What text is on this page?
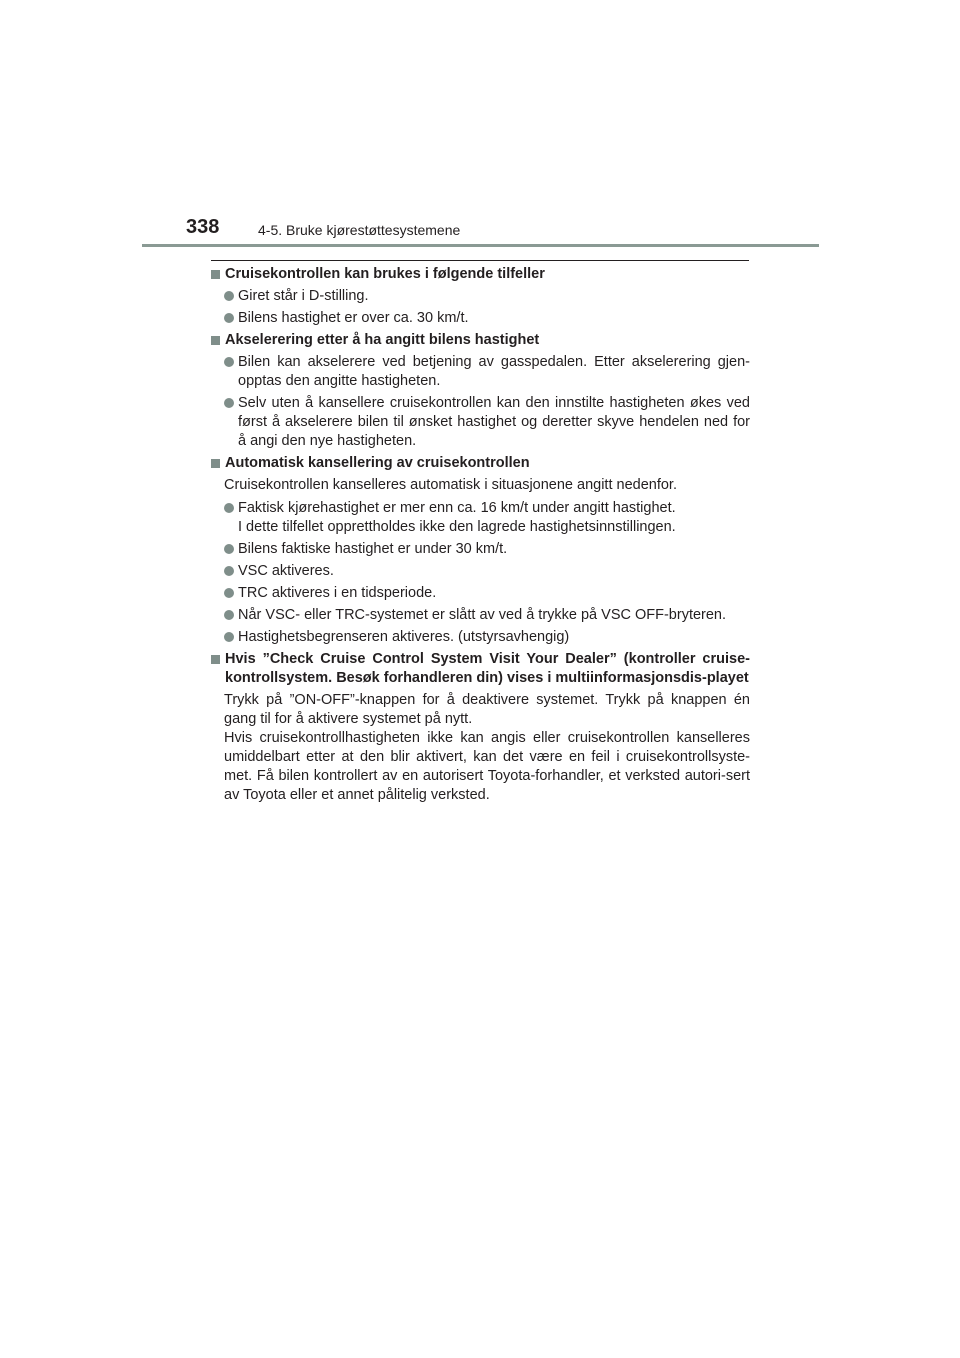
338	4-5. Bruke kjørestøttesystemene
Cruisekontrollen kan brukes i følgende tilfeller
Giret står i D-stilling.
Bilens hastighet er over ca. 30 km/t.
Akselerering etter å ha angitt bilens hastighet
Bilen kan akselerere ved betjening av gasspedalen. Etter akselerering gjen-opptas den angitte hastigheten.
Selv uten å kansellere cruisekontrollen kan den innstilte hastigheten økes ved først å akselerere bilen til ønsket hastighet og deretter skyve hendelen ned for å angi den nye hastigheten.
Automatisk kansellering av cruisekontrollen
Cruisekontrollen kanselleres automatisk i situasjonene angitt nedenfor.
Faktisk kjørehastighet er mer enn ca. 16 km/t under angitt hastighet.
I dette tilfellet opprettholdes ikke den lagrede hastighetsinnstillingen.
Bilens faktiske hastighet er under 30 km/t.
VSC aktiveres.
TRC aktiveres i en tidsperiode.
Når VSC- eller TRC-systemet er slått av ved å trykke på VSC OFF-bryteren.
Hastighetsbegrenseren aktiveres. (utstyrsavhengig)
Hvis ”Check Cruise Control System Visit Your Dealer” (kontroller cruise-kontrollsystem. Besøk forhandleren din) vises i multiinformasjonsdis-playet
Trykk på ”ON-OFF”-knappen for å deaktivere systemet. Trykk på knappen én gang til for å aktivere systemet på nytt.
Hvis cruisekontrollhastigheten ikke kan angis eller cruisekontrollen kanselleres umiddelbart etter at den blir aktivert, kan det være en feil i cruisekontrollsyste-met. Få bilen kontrollert av en autorisert Toyota-forhandler, et verksted autori-sert av Toyota eller et annet pålitelig verksted.
